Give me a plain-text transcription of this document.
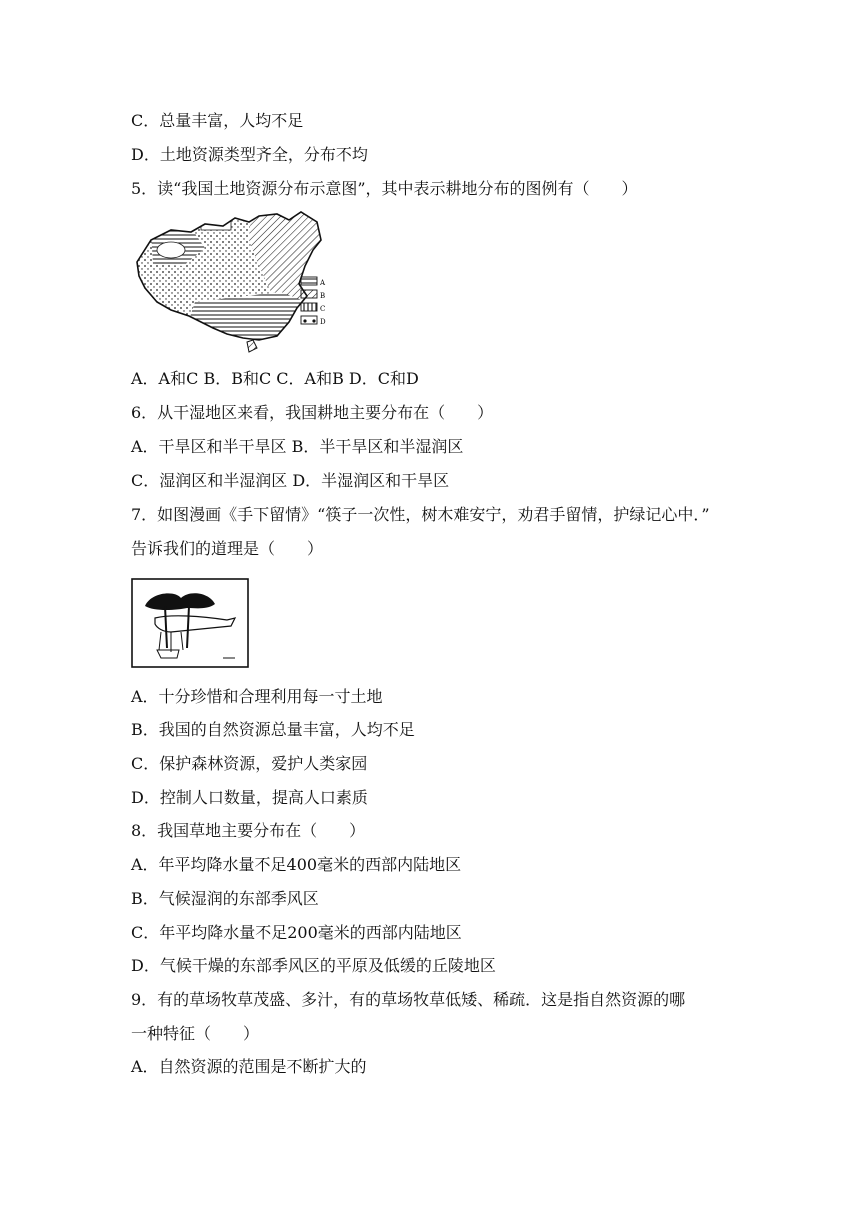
C．总量丰富，人均不足
D．土地资源类型齐全，分布不均
5．读“我国土地资源分布示意图”，其中表示耕地分布的图例有（　　）
A
B
C
D
A．A和C B．B和C C．A和B D．C和D
6．从干湿地区来看，我国耕地主要分布在（　　）
A．干旱区和半干旱区 B．半干旱区和半湿润区
C．湿润区和半湿润区 D．半湿润区和干旱区
7．如图漫画《手下留情》“筷子一次性，树木难安宁，劝君手留情，护绿记心中．”
告诉我们的道理是（　　）
A．十分珍惜和合理利用每一寸土地
B．我国的自然资源总量丰富，人均不足
C．保护森林资源，爱护人类家园
D．控制人口数量，提高人口素质
8．我国草地主要分布在（　　）
A．年平均降水量不足400毫米的西部内陆地区
B．气候湿润的东部季风区
C．年平均降水量不足200毫米的西部内陆地区
D．气候干燥的东部季风区的平原及低缓的丘陵地区
9．有的草场牧草茂盛、多汁，有的草场牧草低矮、稀疏．这是指自然资源的哪
一种特征（　　）
A．自然资源的范围是不断扩大的
